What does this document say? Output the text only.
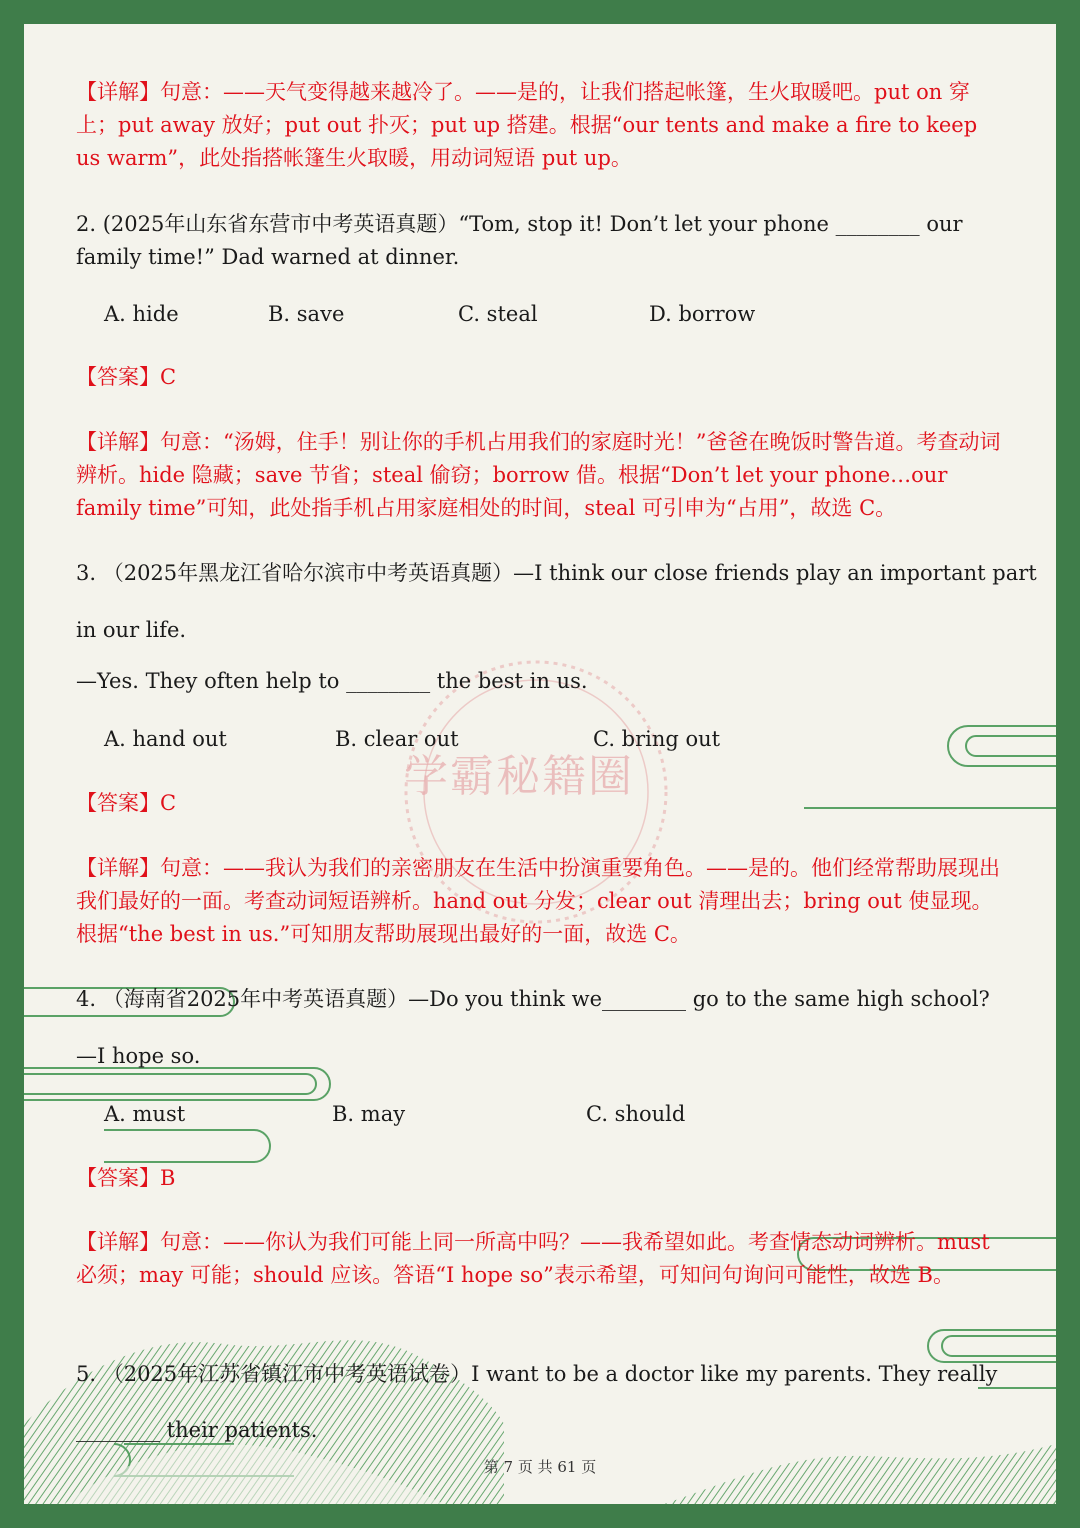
学霸秘籍圈
【详解】句意：——天气变得越来越冷了。——是的，让我们搭起帐篷，生火取暖吧。put on 穿上；put away 放好；put out 扑灭；put up 搭建。根据“our tents and make a fire to keep us warm”，此处指搭帐篷生火取暖，用动词短语 put up。
2. (2025年山东省东营市中考英语真题）“Tom, stop it! Don’t let your phone ________ our family time!” Dad warned at dinner.
A. hide	B. save	C. steal	D. borrow
【答案】C
【详解】句意：“汤姆，住手！别让你的手机占用我们的家庭时光！”爸爸在晚饭时警告道。考查动词辨析。hide 隐藏；save 节省；steal 偷窃；borrow 借。根据“Don’t let your phone…our family time”可知，此处指手机占用家庭相处的时间，steal 可引申为“占用”，故选 C。
3. （2025年黑龙江省哈尔滨市中考英语真题）—I think our close friends play an important part
in our life.
—Yes. They often help to ________ the best in us.
A. hand out	B. clear out	C. bring out
【答案】C
【详解】句意：——我认为我们的亲密朋友在生活中扮演重要角色。——是的。他们经常帮助展现出我们最好的一面。考查动词短语辨析。hand out 分发；clear out 清理出去；bring out 使显现。根据“the best in us.”可知朋友帮助展现出最好的一面，故选 C。
4. （海南省2025年中考英语真题）—Do you think we________ go to the same high school?
—I hope so.
A. must	B. may	C. should
【答案】B
【详解】句意：——你认为我们可能上同一所高中吗？——我希望如此。考查情态动词辨析。must 必须；may 可能；should 应该。答语“I hope so”表示希望，可知问句询问可能性，故选 B。
5. （2025年江苏省镇江市中考英语试卷）I want to be a doctor like my parents. They really
________ their patients.
第 7 页 共 61 页
